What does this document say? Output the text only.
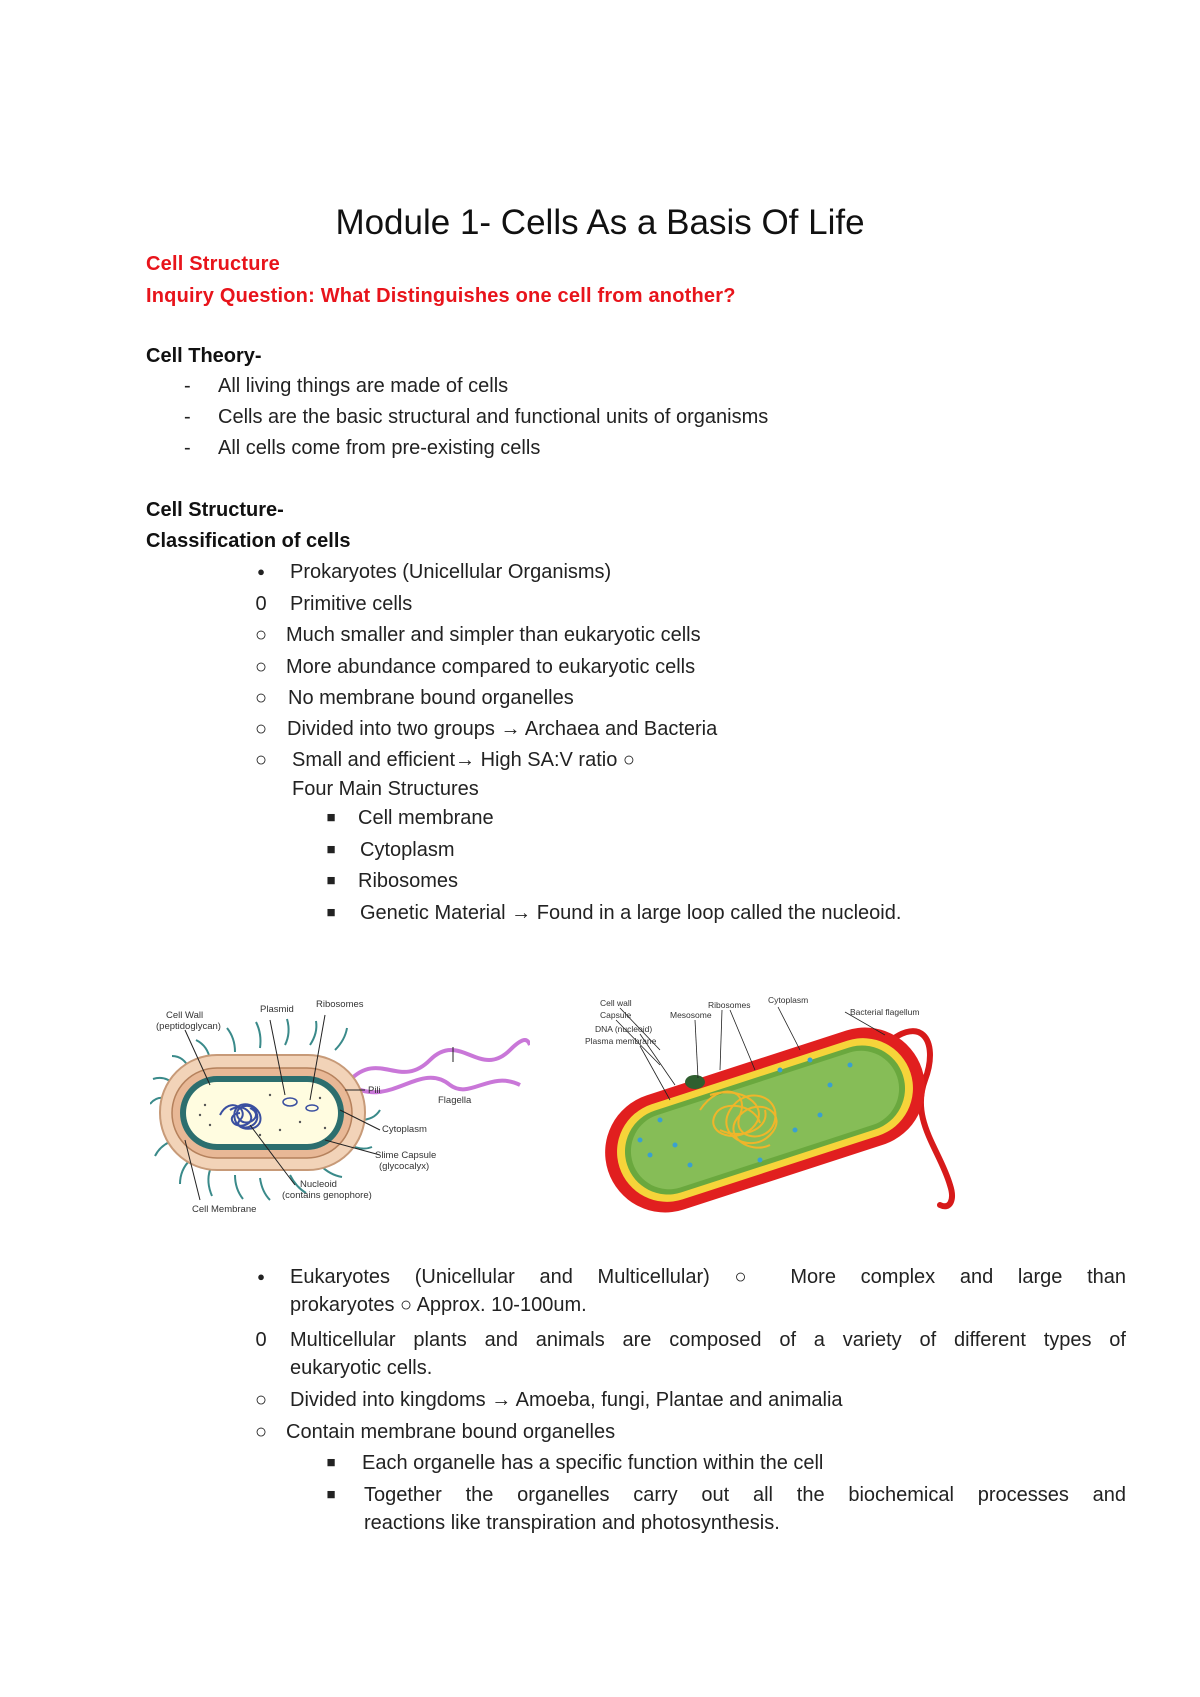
Module 1- Cells As a Basis Of Life
Cell Structure
Inquiry Question: What Distinguishes one cell from another?
Cell Theory-
- All living things are made of cells
- Cells are the basic structural and functional units of organisms
- All cells come from pre-existing cells
Cell Structure-
Classification of cells
●	Prokaryotes (Unicellular Organisms)
0 Primitive cells
○ Much smaller and simpler than eukaryotic cells
○ More abundance compared to eukaryotic cells
○ No membrane bound organelles
○ Divided into two groups → Archaea and Bacteria
○ Small and efficient→ High SA:V ratio ○
Four Main Structures
■	Cell membrane
■	Cytoplasm
■	Ribosomes
■	Genetic Material → Found in a large loop called the nucleoid.
Cell Wall
(peptidoglycan)
Plasmid Ribosomes
Pili
Flagella
Cytoplasm
Slime Capsule
(glycocalyx)
Nucleoid
(contains genophore)
Cell Membrane
Cell wall
Capsule
DNA (nucleoid)
Plasma membrane
Mesosome
Ribosomes Cytoplasm
Bacterial flagellum
●	Eukaryotes (Unicellular and Multicellular) ○ More complex and large than
prokaryotes ○ Approx. 10-100um.
0 Multicellular plants and animals are composed of a variety of different types of
eukaryotic cells.
○ Divided into kingdoms → Amoeba, fungi, Plantae and animalia
○ Contain membrane bound organelles
■	Each organelle has a specific function within the cell
■	Together the organelles carry out all the biochemical processes and
reactions like transpiration and photosynthesis.
